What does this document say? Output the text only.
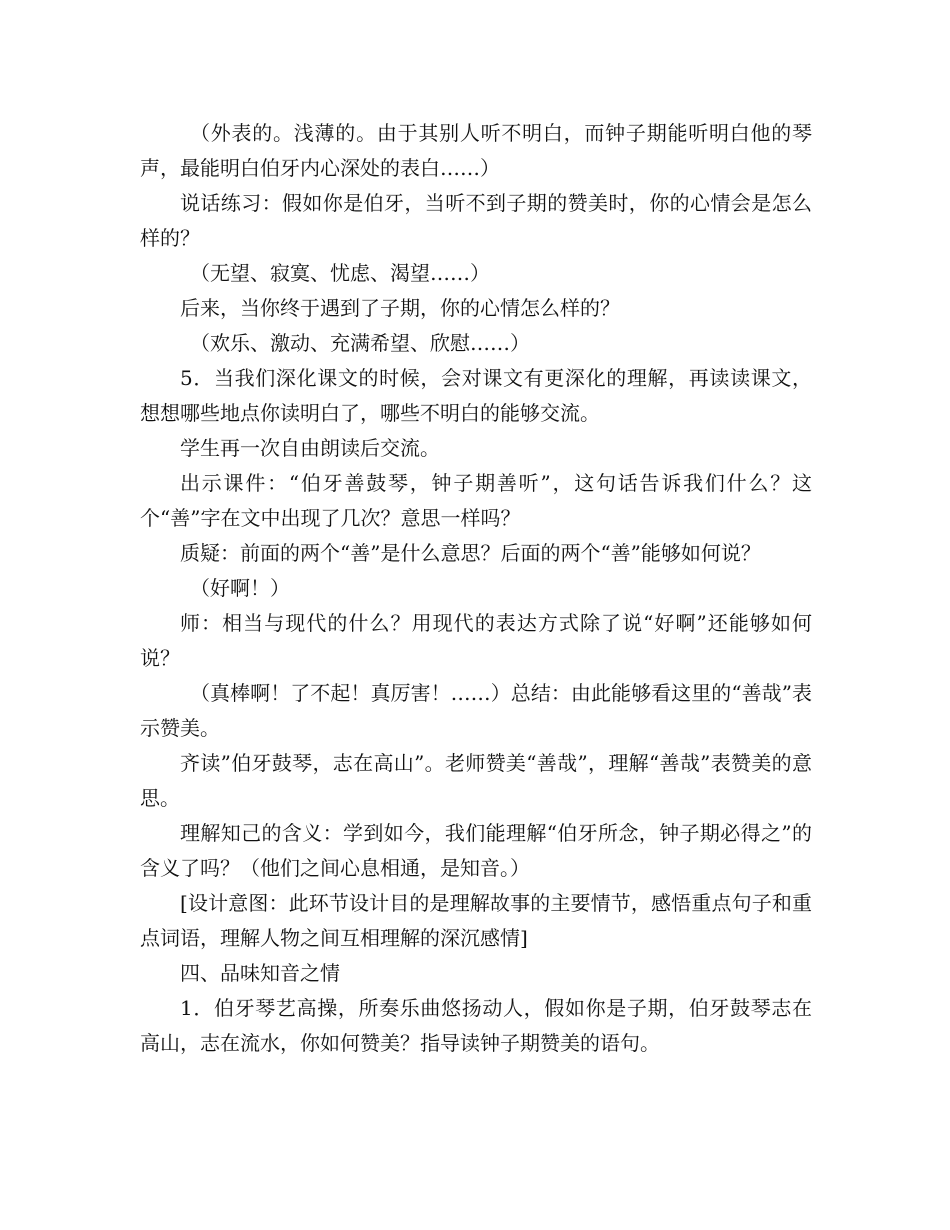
（外表的。浅薄的。由于其别人听不明白，而钟子期能听明白他的琴声，最能明白伯牙内心深处的表白……）

说话练习：假如你是伯牙，当听不到子期的赞美时，你的心情会是怎么样的？

（无望、寂寞、忧虑、渴望……）

后来，当你终于遇到了子期，你的心情怎么样的？

（欢乐、激动、充满希望、欣慰……）

5．当我们深化课文的时候，会对课文有更深化的理解，再读读课文，想想哪些地点你读明白了，哪些不明白的能够交流。

学生再一次自由朗读后交流。

出示课件：“伯牙善鼓琴，钟子期善听”，这句话告诉我们什么？这个“善”字在文中出现了几次？意思一样吗？

质疑：前面的两个“善”是什么意思？后面的两个“善”能够如何说？

（好啊！）

师：相当与现代的什么？用现代的表达方式除了说“好啊”还能够如何说？

（真棒啊！了不起！真厉害！……）总结：由此能够看这里的“善哉”表示赞美。

齐读”伯牙鼓琴，志在高山”。老师赞美“善哉”，理解“善哉”表赞美的意思。

理解知己的含义：学到如今，我们能理解“伯牙所念，钟子期必得之”的含义了吗？（他们之间心息相通，是知音。）

[设计意图：此环节设计目的是理解故事的主要情节，感悟重点句子和重点词语，理解人物之间互相理解的深沉感情]

四、品味知音之情

1．伯牙琴艺高操，所奏乐曲悠扬动人，假如你是子期，伯牙鼓琴志在高山，志在流水，你如何赞美？指导读钟子期赞美的语句。
